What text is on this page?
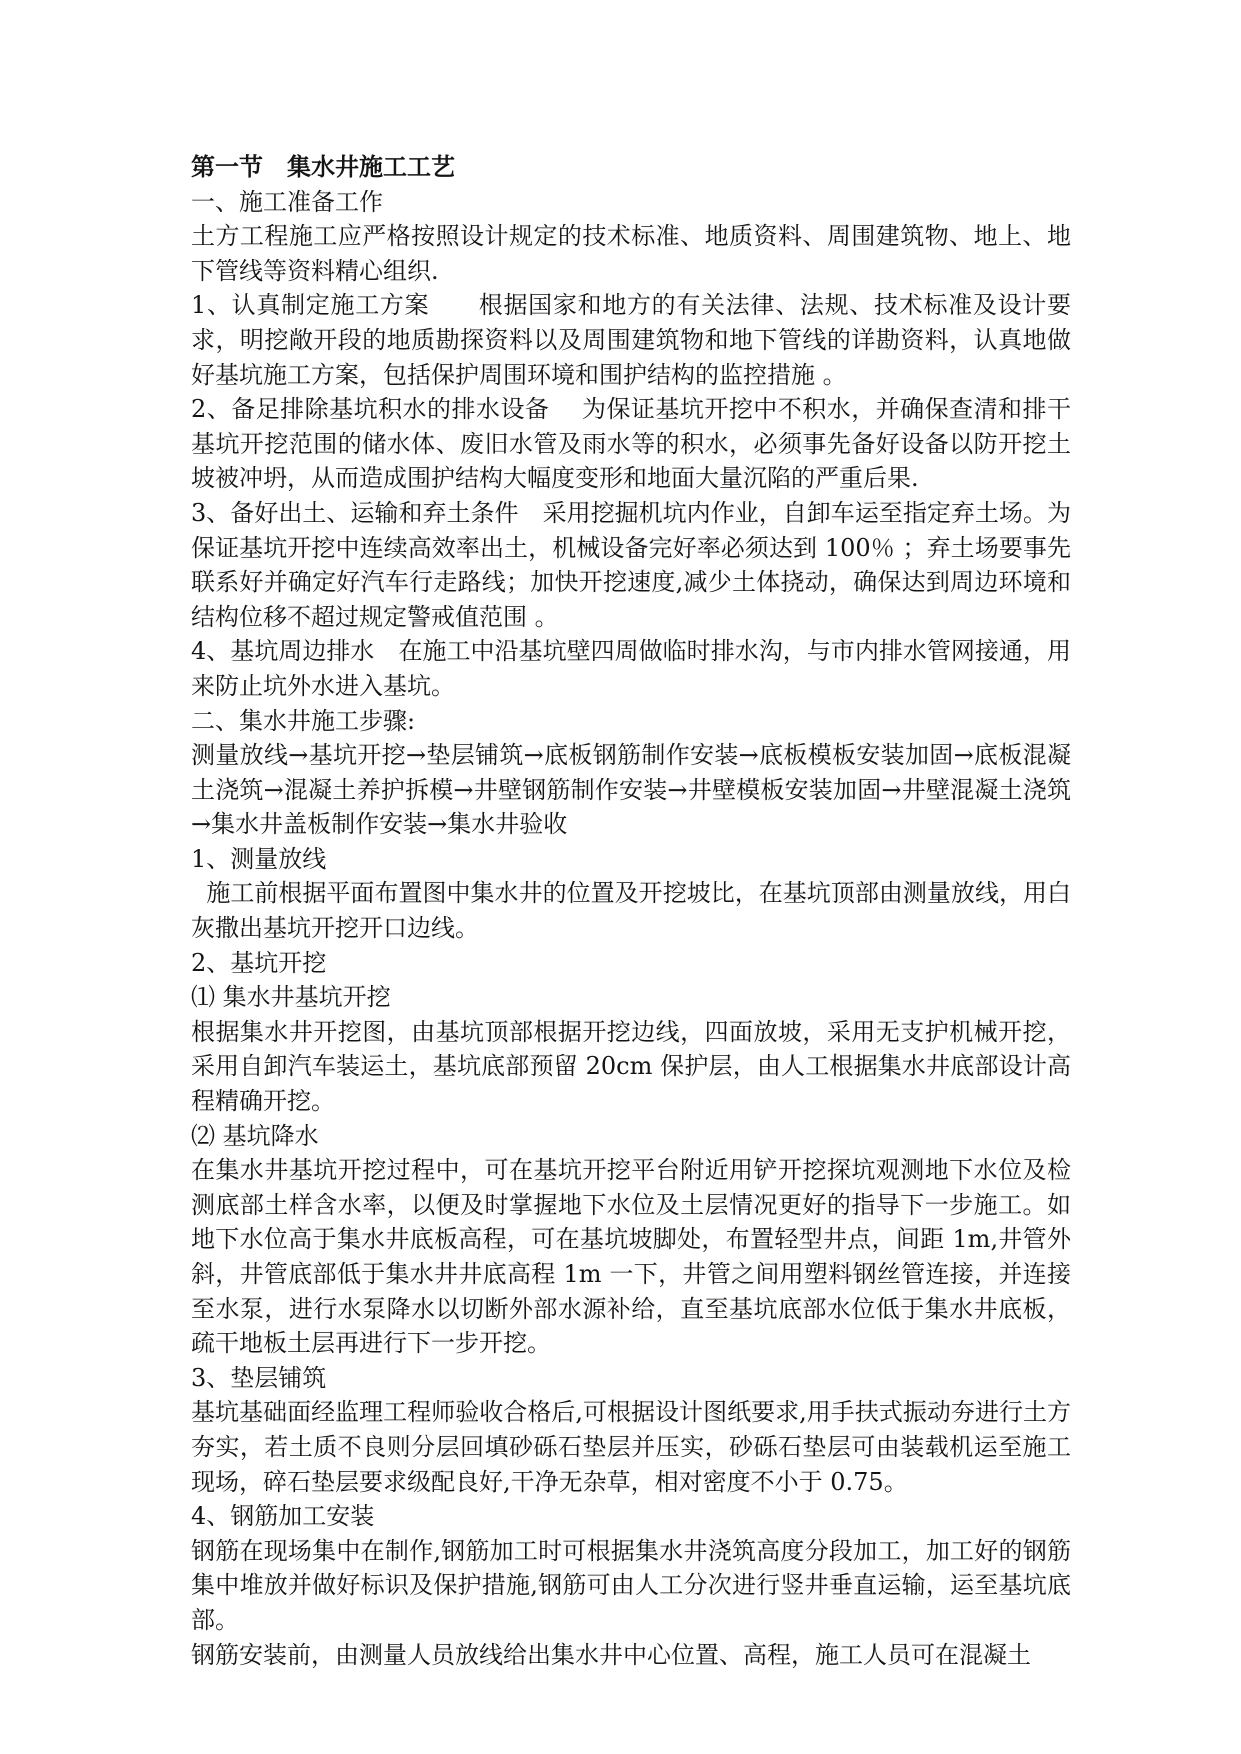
第一节　集水井施工工艺

一、施工准备工作

土方工程施工应严格按照设计规定的技术标准、地质资料、周围建筑物、地上、地下管线等资料精心组织.

1、认真制定施工方案　　根据国家和地方的有关法律、法规、技术标准及设计要求，明挖敞开段的地质勘探资料以及周围建筑物和地下管线的详勘资料，认真地做好基坑施工方案，包括保护周围环境和围护结构的监控措施 。

2、备足排除基坑积水的排水设备　 为保证基坑开挖中不积水，并确保查清和排干基坑开挖范围的储水体、废旧水管及雨水等的积水，必须事先备好设备以防开挖土坡被冲坍，从而造成围护结构大幅度变形和地面大量沉陷的严重后果.

3、备好出土、运输和弃土条件　采用挖掘机坑内作业，自卸车运至指定弃土场。为保证基坑开挖中连续高效率出土，机械设备完好率必须达到 100％ ；弃土场要事先联系好并确定好汽车行走路线；加快开挖速度,减少土体挠动，确保达到周边环境和结构位移不超过规定警戒值范围 。

4、基坑周边排水　在施工中沿基坑壁四周做临时排水沟，与市内排水管网接通，用来防止坑外水进入基坑。

二、集水井施工步骤:

测量放线→基坑开挖→垫层铺筑→底板钢筋制作安装→底板模板安装加固→底板混凝土浇筑→混凝土养护拆模→井壁钢筋制作安装→井壁模板安装加固→井壁混凝土浇筑→集水井盖板制作安装→集水井验收

1、测量放线

施工前根据平面布置图中集水井的位置及开挖坡比，在基坑顶部由测量放线，用白灰撒出基坑开挖开口边线。

2、基坑开挖

⑴ 集水井基坑开挖

根据集水井开挖图，由基坑顶部根据开挖边线，四面放坡，采用无支护机械开挖，采用自卸汽车装运土，基坑底部预留 20cm 保护层，由人工根据集水井底部设计高程精确开挖。

⑵ 基坑降水

在集水井基坑开挖过程中，可在基坑开挖平台附近用铲开挖探坑观测地下水位及检测底部土样含水率，以便及时掌握地下水位及土层情况更好的指导下一步施工。如地下水位高于集水井底板高程，可在基坑坡脚处，布置轻型井点，间距 1m,井管外斜，井管底部低于集水井井底高程 1m 一下，井管之间用塑料钢丝管连接，并连接至水泵，进行水泵降水以切断外部水源补给，直至基坑底部水位低于集水井底板，疏干地板土层再进行下一步开挖。

3、垫层铺筑

基坑基础面经监理工程师验收合格后,可根据设计图纸要求,用手扶式振动夯进行土方夯实，若土质不良则分层回填砂砾石垫层并压实，砂砾石垫层可由装载机运至施工现场，碎石垫层要求级配良好,干净无杂草，相对密度不小于 0.75。

4、钢筋加工安装

钢筋在现场集中在制作,钢筋加工时可根据集水井浇筑高度分段加工，加工好的钢筋集中堆放并做好标识及保护措施,钢筋可由人工分次进行竖井垂直运输，运至基坑底部。

钢筋安装前，由测量人员放线给出集水井中心位置、高程，施工人员可在混凝土
